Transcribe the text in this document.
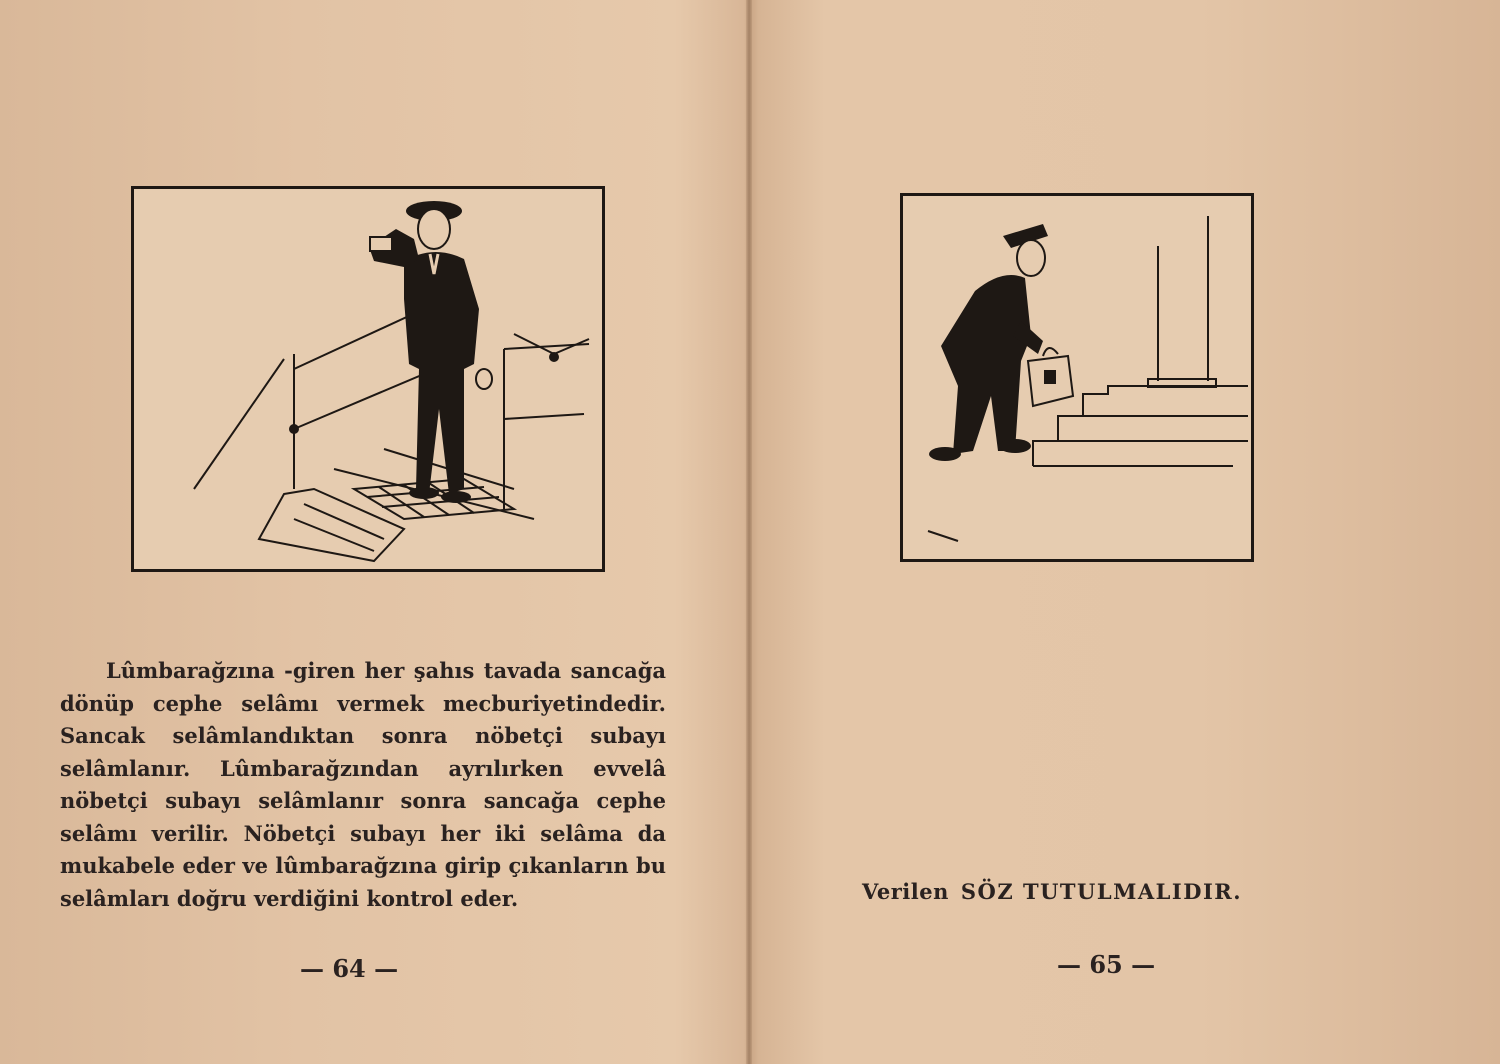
Lûmbarağzına -giren her şahıs tavada sancağa dönüp cephe selâmı vermek mecburiyetindedir. Sancak selâmlandıktan sonra nöbetçi subayı selâmlanır. Lûmbarağzından ayrılırken evvelâ nöbetçi subayı selâmlanır sonra sancağa cephe selâmı verilir. Nöbetçi subayı her iki selâma da mukabele eder ve lûmbarağzına girip çıkanların bu selâmları doğru verdiğini kontrol eder.

— 64 —
Verilen SÖZ TUTULMALIDIR.
— 65 —
